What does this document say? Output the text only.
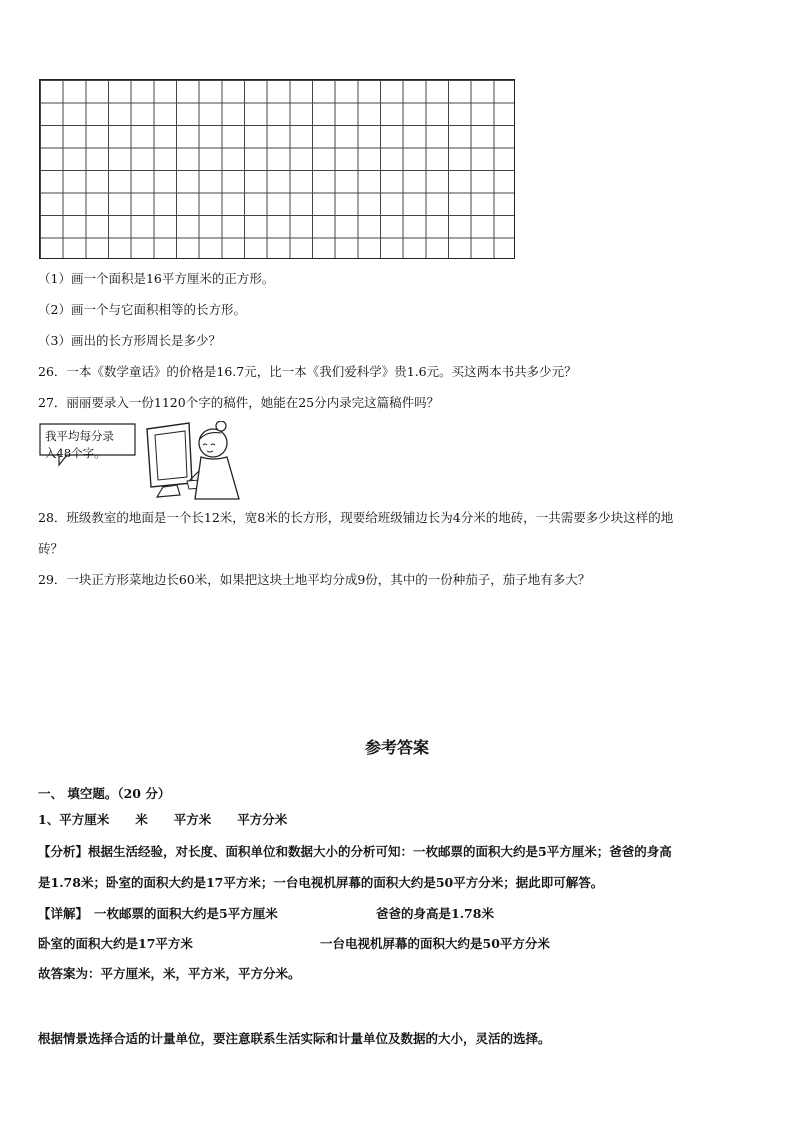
（1）画一个面积是16平方厘米的正方形。
（2）画一个与它面积相等的长方形。
（3）画出的长方形周长是多少？
26．一本《数学童话》的价格是16.7元，比一本《我们爱科学》贵1.6元。买这两本书共多少元？
27．丽丽要录入一份1120个字的稿件，她能在25分内录完这篇稿件吗？
我平均每分录
入48个字。
28．班级教室的地面是一个长12米，宽8米的长方形，现要给班级铺边长为4分米的地砖，一共需要多少块这样的地
砖？
29．一块正方形菜地边长60米，如果把这块土地平均分成9份，其中的一份种茄子，茄子地有多大？
参考答案
一、 填空题。（20 分）
1、平方厘米 米 平方米 平方分米
【分析】根据生活经验，对长度、面积单位和数据大小的分析可知：一枚邮票的面积大约是5平方厘米；爸爸的身高
是1.78米；卧室的面积大约是17平方米；一台电视机屏幕的面积大约是50平方分米；据此即可解答。
【详解】 一枚邮票的面积大约是5平方厘米	爸爸的身高是1.78米
卧室的面积大约是17平方米	一台电视机屏幕的面积大约是50平方分米
故答案为：平方厘米，米，平方米，平方分米。
根据情景选择合适的计量单位，要注意联系生活实际和计量单位及数据的大小，灵活的选择。
